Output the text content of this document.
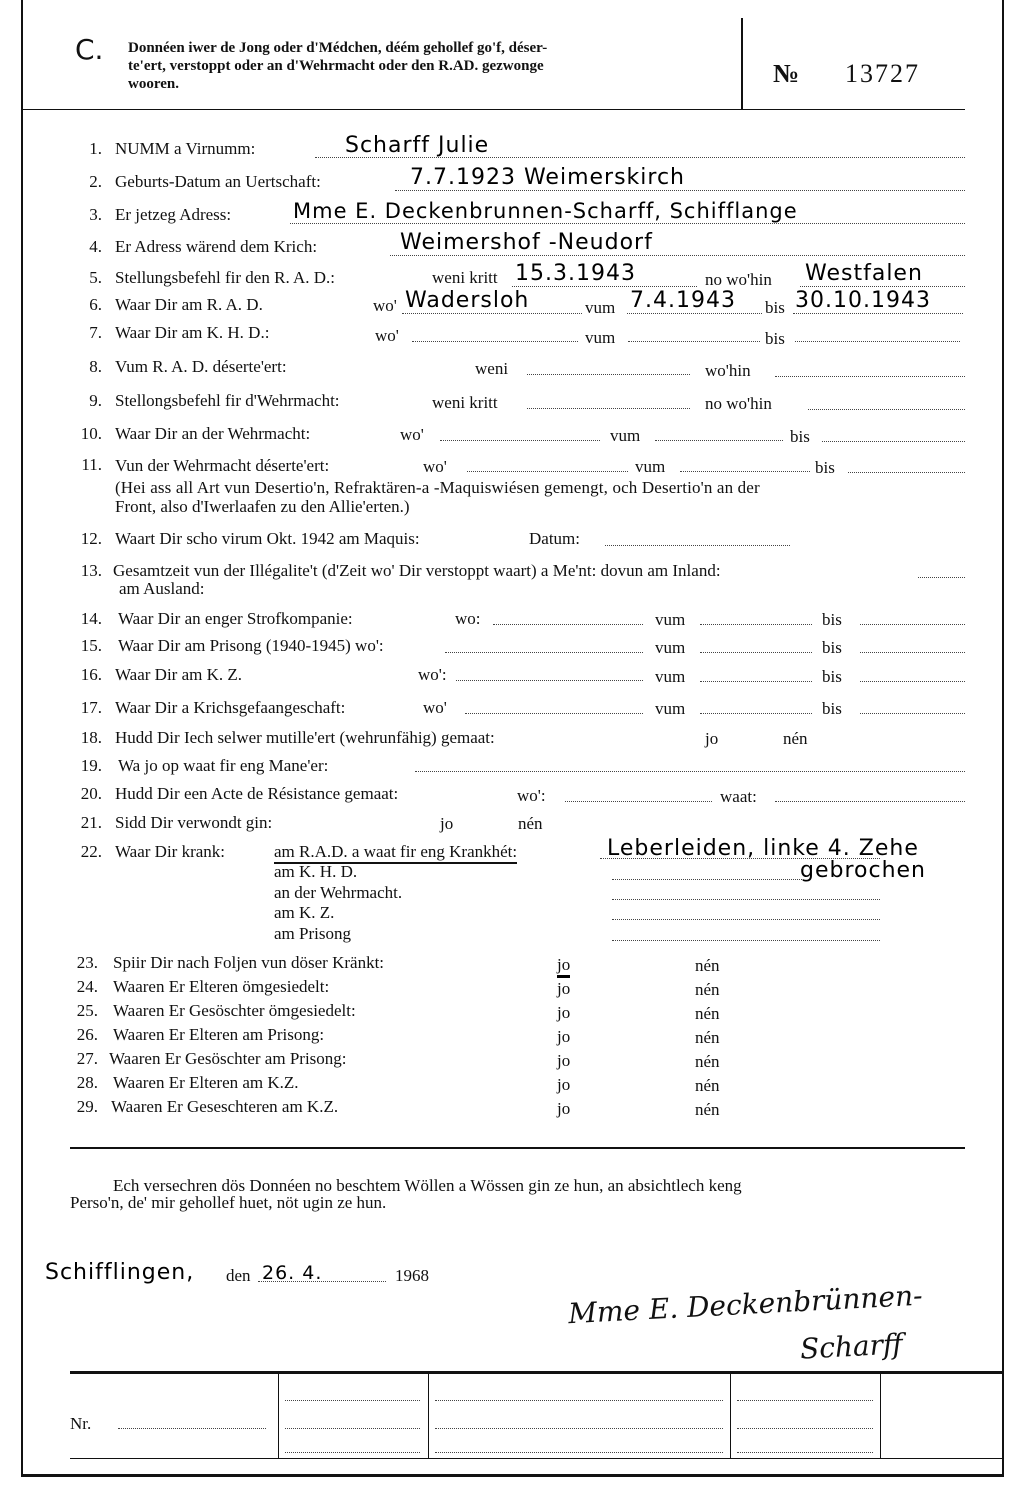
C. Donnéen iwer de Jong oder d'Médchen, déém gehollef go'f, déser-
te'ert, verstoppt oder an d'Wehrmacht oder den R.AD. gezwonge
wooren.	№ 13727
1. NUMM a Virnumm:	Scharff Julie
2. Geburts-Datum an Uertschaft:	7.7.1923 Weimerskirch
3. Er jetzeg Adress:	Mme E. Deckenbrunnen-Scharff, Schifflange
4. Er Adress wärend dem Krich:	Weimershof -Neudorf
5. Stellungsbefehl fir den R. A. D.:	weni kritt 15.3.1943	no wo'hin Westfalen
6. Waar Dir am R. A. D.	wo' Wadersloh	vum 7.4.1943 bis 30.10.1943
7. Waar Dir am K. H. D.:	wo'	vum	bis
8. Vum R. A. D. déserte'ert:	weni	wo'hin
9. Stellongsbefehl fir d'Wehrmacht:	weni kritt	no wo'hin
10. Waar Dir an der Wehrmacht:	wo'	vum	bis
11. Vun der Wehrmacht déserte'ert:	wo'	vum	bis
(Hei ass all Art vun Desertio'n, Refraktären-a -Maquiswiésen gemengt, och Desertio'n an der
Front, also d'Iwerlaafen zu den Allie'erten.)
12. Waart Dir scho virum Okt. 1942 am Maquis:	Datum:
13. Gesamtzeit vun der Illégalite't (d'Zeit wo' Dir verstoppt waart) a Me'nt: dovun am Inland:
am Ausland:
14. Waar Dir an enger Strofkompanie:	wo:	vum	bis
15. Waar Dir am Prisong (1940-1945) wo':	vum	bis
16. Waar Dir am K. Z.	wo':	vum	bis
17. Waar Dir a Krichsgefaangeschaft:	wo'	vum	bis
18. Hudd Dir Iech selwer mutille'ert (wehrunfähig) gemaat:	jo	nén
19. Wa jo op waat fir eng Mane'er:
20. Hudd Dir een Acte de Résistance gemaat:	wo':	waat:
21. Sidd Dir verwondt gin:	jo	nén
22. Waar Dir krank:	am R.A.D. a waat fir eng Krankhét:	Leberleiden, linke 4. Zehe
gebrochen
am K. H. D.
an der Wehrmacht.
am K. Z.
am Prisong
23. Spiir Dir nach Foljen vun döser Kränkt:	jo	nén
24. Waaren Er Elteren ömgesiedelt:	jo	nén
25. Waaren Er Gesöschter ömgesiedelt:	jo	nén
26. Waaren Er Elteren am Prisong:	jo	nén
27. Waaren Er Gesöschter am Prisong:	jo	nén
28. Waaren Er Elteren am K.Z.	jo	nén
29. Waaren Er Geseschteren am K.Z.	jo	nén
Ech versechren dös Donnéen no beschtem Wöllen a Wössen gin ze hun, an absichtlech keng
Perso'n, de' mir gehollef huet, nöt ugin ze hun.
Schifflingen, den 26. 4.	1968
Mme E. Deckenbrünnen-
Scharff
Nr.
